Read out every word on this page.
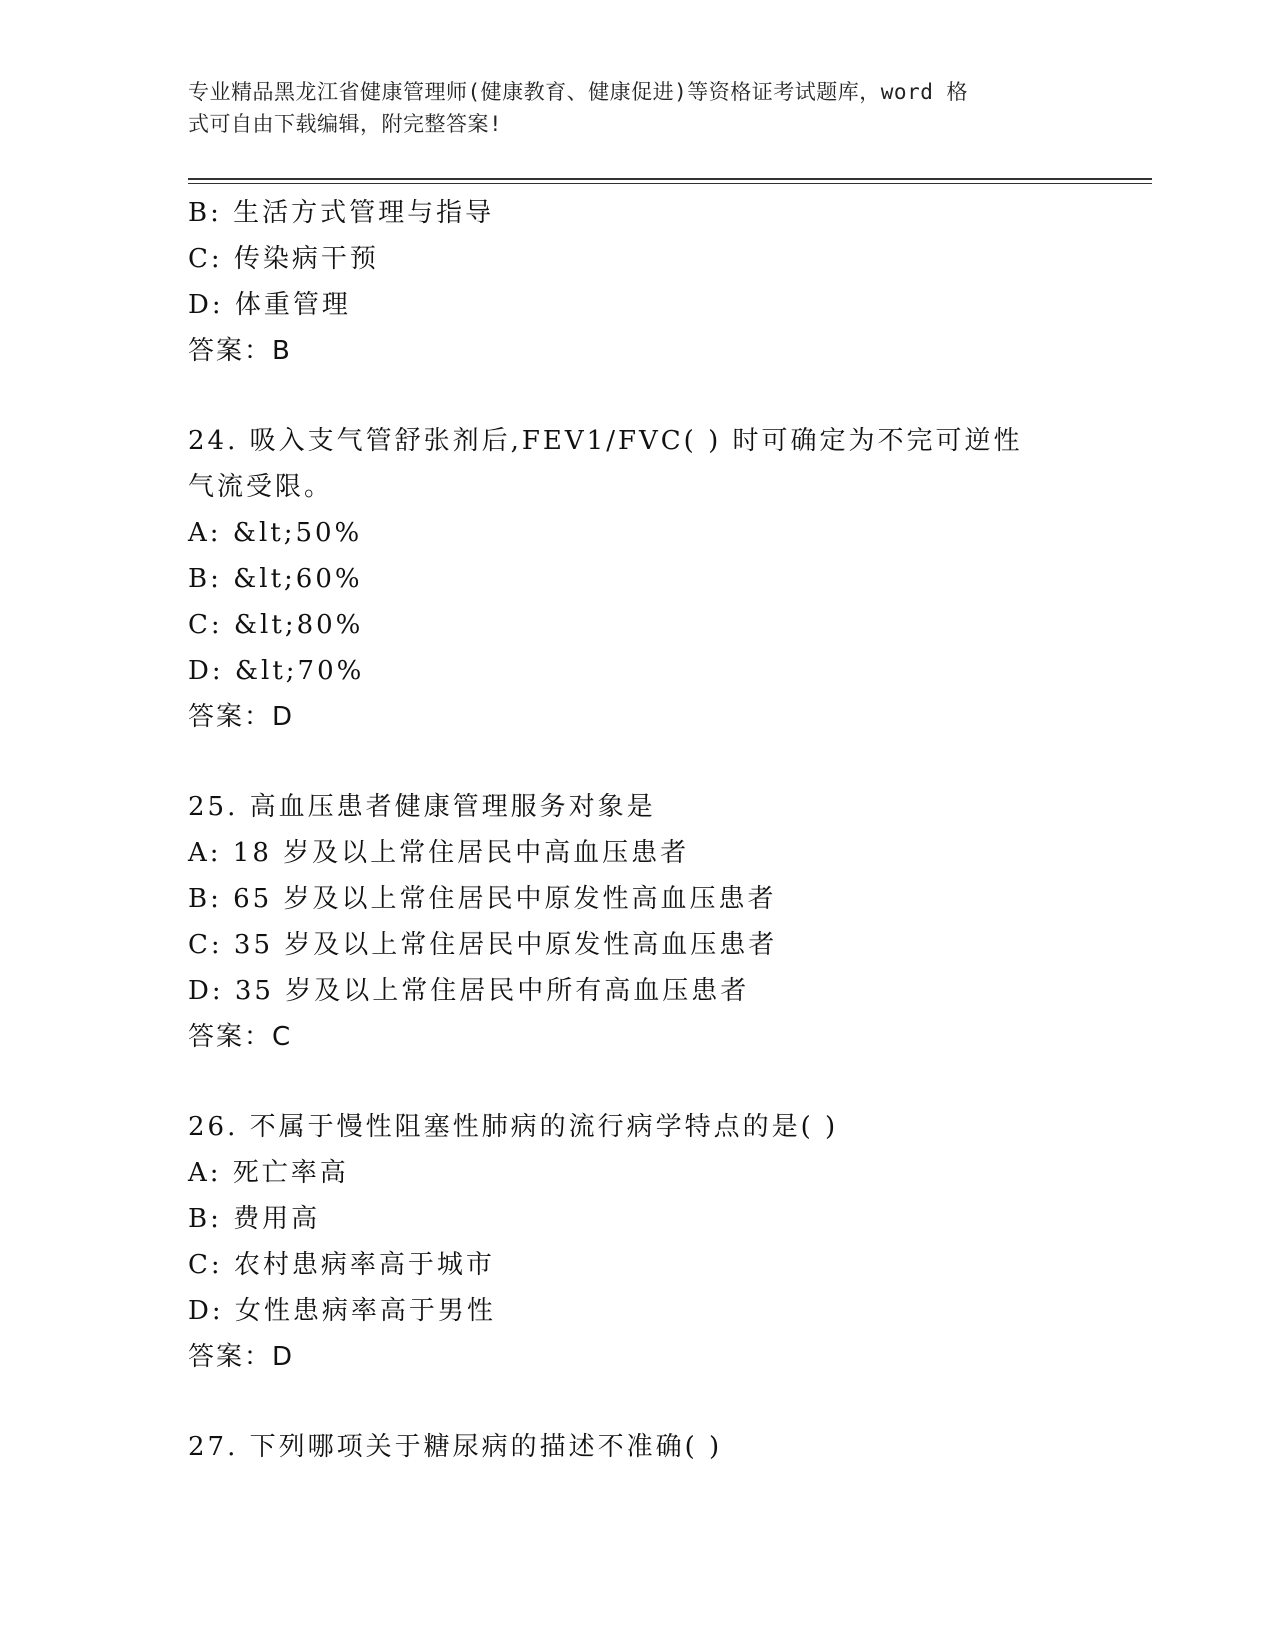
专业精品黑龙江省健康管理师(健康教育、健康促进)等资格证考试题库，word 格
式可自由下载编辑，附完整答案!
B: 生活方式管理与指导
C: 传染病干预
D: 体重管理
答案：B
24. 吸入支气管舒张剂后,FEV1/FVC( ) 时可确定为不完可逆性
气流受限。
A: &lt;50%
B: &lt;60%
C: &lt;80%
D: &lt;70%
答案：D
25. 高血压患者健康管理服务对象是
A: 18 岁及以上常住居民中高血压患者
B: 65 岁及以上常住居民中原发性高血压患者
C: 35 岁及以上常住居民中原发性高血压患者
D: 35 岁及以上常住居民中所有高血压患者
答案：C
26. 不属于慢性阻塞性肺病的流行病学特点的是( )
A: 死亡率高
B: 费用高
C: 农村患病率高于城市
D: 女性患病率高于男性
答案：D
27. 下列哪项关于糖尿病的描述不准确( )
